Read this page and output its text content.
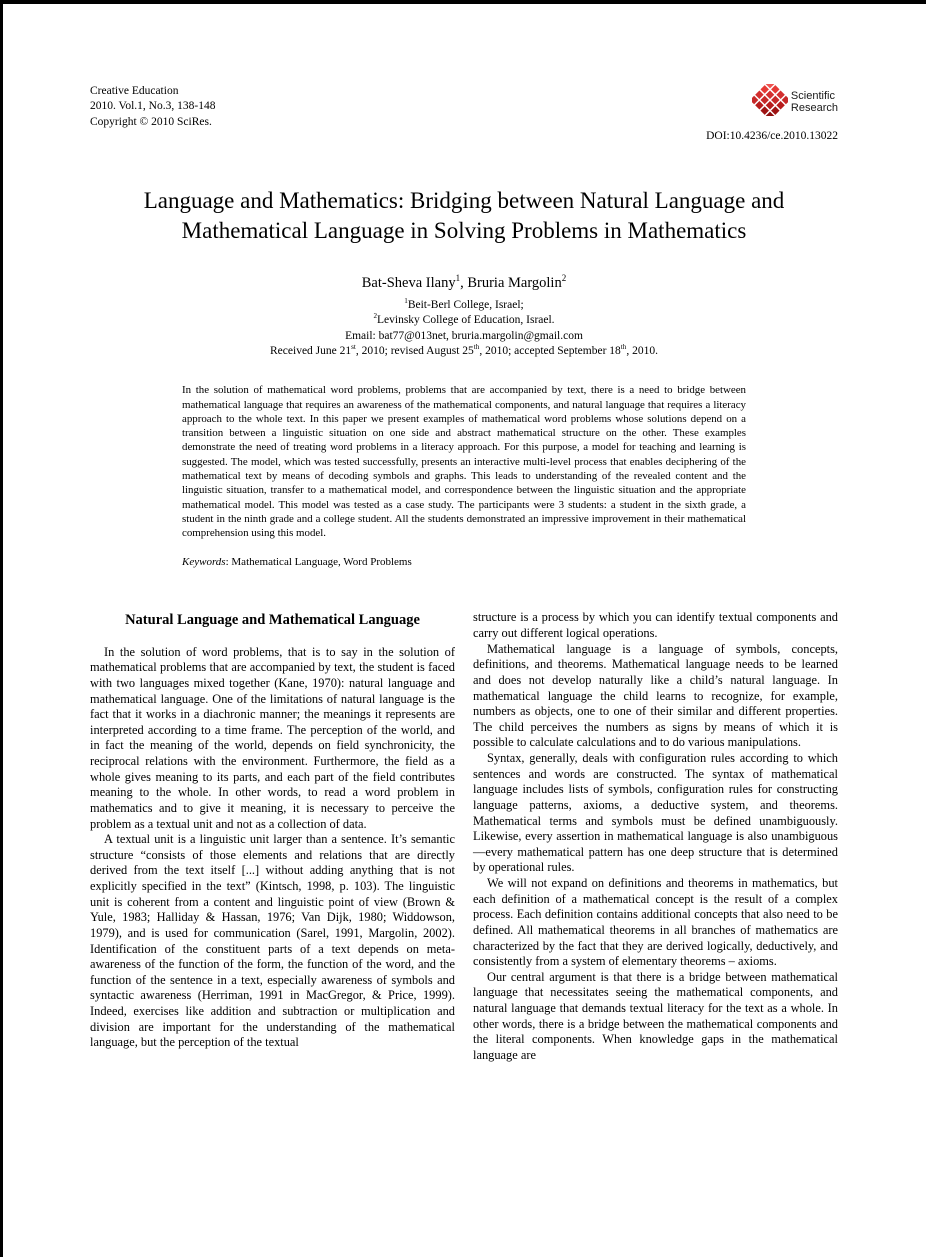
Creative Education
2010. Vol.1, No.3, 138-148
Copyright © 2010 SciRes.
Scientific
Research
DOI:10.4236/ce.2010.13022
Language and Mathematics: Bridging between Natural Language and Mathematical Language in Solving Problems in Mathematics
Bat-Sheva Ilany$^1$, Bruria Margolin$^2$
$^1$Beit-Berl College, Israel;
$^2$Levinsky College of Education, Israel.
Email: bat77@013net, bruria.margolin@gmail.com
Received June 21st, 2010; revised August 25th, 2010; accepted September 18th, 2010.
In the solution of mathematical word problems, problems that are accompanied by text, there is a need to bridge between mathematical language that requires an awareness of the mathematical components, and natural language that requires a literacy approach to the whole text. In this paper we present examples of mathematical word problems whose solutions depend on a transition between a linguistic situation on one side and abstract mathematical structure on the other. These examples demonstrate the need of treating word problems in a literacy approach. For this purpose, a model for teaching and learning is suggested. The model, which was tested successfully, presents an interactive multi-level process that enables deciphering of the mathematical text by means of decoding symbols and graphs. This leads to understanding of the revealed content and the linguistic situation, transfer to a mathematical model, and correspondence between the linguistic situation and the appropriate mathematical model. This model was tested as a case study. The participants were 3 students: a student in the sixth grade, a student in the ninth grade and a college student. All the students demonstrated an impressive improvement in their mathematical comprehension using this model.
Keywords: Mathematical Language, Word Problems
Natural Language and Mathematical Language

In the solution of word problems, that is to say in the solution of mathematical problems that are accompanied by text, the student is faced with two languages mixed together (Kane, 1970): natural language and mathematical language. One of the limitations of natural language is the fact that it works in a diachronic manner; the meanings it represents are interpreted according to a time frame. The perception of the world, and in fact the meaning of the world, depends on field synchronicity, the reciprocal relations with the environment. Furthermore, the field as a whole gives meaning to its parts, and each part of the field contributes meaning to the whole. In other words, to read a word problem in mathematics and to give it meaning, it is necessary to perceive the problem as a textual unit and not as a collection of data.

A textual unit is a linguistic unit larger than a sentence. It’s semantic structure “consists of those elements and relations that are directly derived from the text itself [...] without adding anything that is not explicitly specified in the text” (Kintsch, 1998, p. 103). The linguistic unit is coherent from a content and linguistic point of view (Brown & Yule, 1983; Halliday & Hassan, 1976; Van Dijk, 1980; Widdowson, 1979), and is used for communication (Sarel, 1991, Margolin, 2002). Identification of the constituent parts of a text depends on meta-awareness of the function of the form, the function of the word, and the function of the sentence in a text, especially awareness of symbols and syntactic awareness (Herriman, 1991 in MacGregor, & Price, 1999). Indeed, exercises like addition and subtraction or multiplication and division are important for the understanding of the mathematical language, but the perception of the textual

structure is a process by which you can identify textual components and carry out different logical operations.

Mathematical language is a language of symbols, concepts, definitions, and theorems. Mathematical language needs to be learned and does not develop naturally like a child’s natural language. In mathematical language the child learns to recognize, for example, numbers as objects, one to one of their similar and different properties. The child perceives the numbers as signs by means of which it is possible to calculate calculations and to do various manipulations.

Syntax, generally, deals with configuration rules according to which sentences and words are constructed. The syntax of mathematical language includes lists of symbols, configuration rules for constructing language patterns, axioms, a deductive system, and theorems. Mathematical terms and symbols must be defined unambiguously. Likewise, every assertion in mathematical language is also unambiguous—every mathematical pattern has one deep structure that is determined by operational rules.

We will not expand on definitions and theorems in mathematics, but each definition of a mathematical concept is the result of a complex process. Each definition contains additional concepts that also need to be defined. All mathematical theorems in all branches of mathematics are characterized by the fact that they are derived logically, deductively, and consistently from a system of elementary theorems – axioms.

Our central argument is that there is a bridge between mathematical language that necessitates seeing the mathematical components, and natural language that demands textual literacy for the text as a whole. In other words, there is a bridge between the mathematical components and the literal components. When knowledge gaps in the mathematical language are
